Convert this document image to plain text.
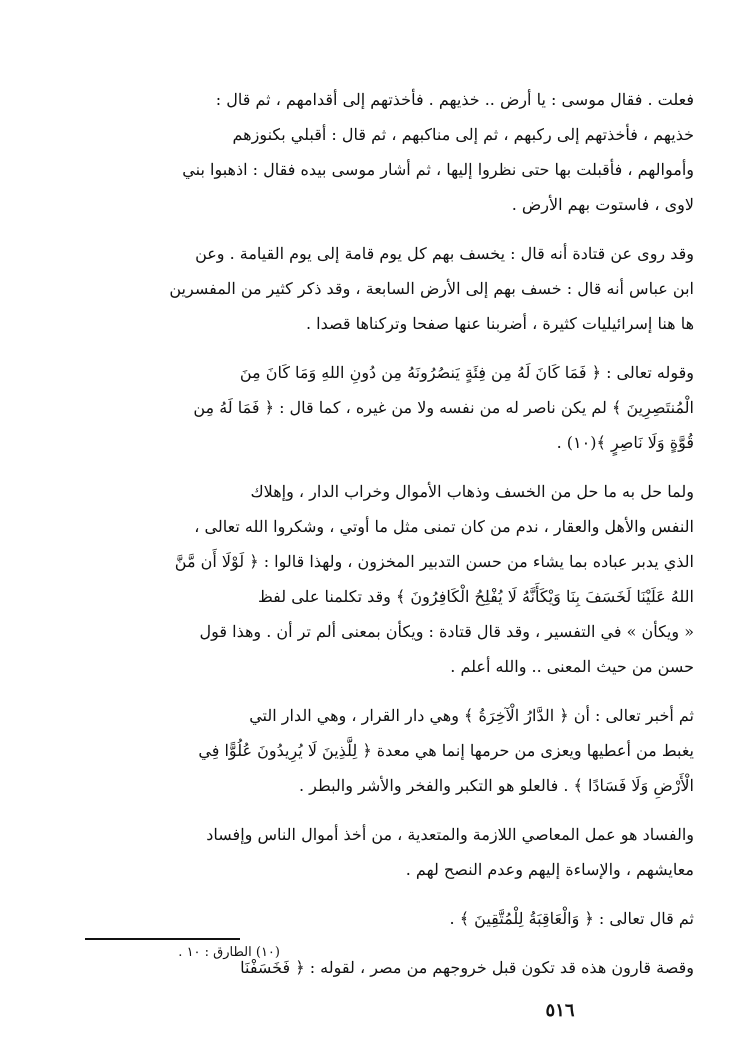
فعلت . فقال موسى : يا أرض .. خذيهم . فأخذتهم إلى أقدامهم ، ثم قال :
خذيهم ، فأخذتهم إلى ركبهم ، ثم إلى مناكبهم ، ثم قال : أقبلي بكنوزهم
وأموالهم ، فأقبلت بها حتى نظروا إليها ، ثم أشار موسى بيده فقال : اذهبوا بني
لاوى ، فاستوت بهم الأرض .

وقد روى عن قتادة أنه قال : يخسف بهم كل يوم قامة إلى يوم القيامة . وعن
ابن عباس أنه قال : خسف بهم إلى الأرض السابعة ، وقد ذكر كثير من المفسرين
ها هنا إسرائيليات كثيرة ، أضربنا عنها صفحا وتركناها قصدا .

وقوله تعالى : ﴿ فَمَا كَانَ لَهُ مِن فِئَةٍ يَنصُرُونَهُ مِن دُونِ اللهِ وَمَا كَانَ مِنَ
الْمُنتَصِرِينَ ﴾ لم يكن ناصر له من نفسه ولا من غيره ، كما قال : ﴿ فَمَا لَهُ مِن
قُوَّةٍ وَلَا نَاصِرٍ ﴾(١٠) .

ولما حل به ما حل من الخسف وذهاب الأموال وخراب الدار ، وإهلاك
النفس والأهل والعقار ، ندم من كان تمنى مثل ما أوتي ، وشكروا الله تعالى ،
الذي يدبر عباده بما يشاء من حسن التدبير المخزون ، ولهذا قالوا : ﴿ لَوْلَا أَن مَّنَّ
اللهُ عَلَيْنَا لَخَسَفَ بِنَا وَيْكَأَنَّهُ لَا يُفْلِحُ الْكَافِرُونَ ﴾ وقد تكلمنا على لفظ
« ويكأن » في التفسير ، وقد قال قتادة : ويكأن بمعنى ألم تر أن . وهذا قول
حسن من حيث المعنى .. والله أعلم .

ثم أخبر تعالى : أن ﴿ الدَّارُ الْآخِرَةُ ﴾ وهي دار القرار ، وهي الدار التي
يغبط من أعطيها ويعزى من حرمها إنما هي معدة ﴿ لِلَّذِينَ لَا يُرِيدُونَ عُلُوًّا فِي
الْأَرْضِ وَلَا فَسَادًا ﴾ . فالعلو هو التكبر والفخر والأشر والبطر .

والفساد هو عمل المعاصي اللازمة والمتعدية ، من أخذ أموال الناس وإفساد
معايشهم ، والإساءة إليهم وعدم النصح لهم .

ثم قال تعالى : ﴿ وَالْعَاقِبَةُ لِلْمُتَّقِينَ ﴾ .

وقصة قارون هذه قد تكون قبل خروجهم من مصر ، لقوله : ﴿ فَخَسَفْنَا

(١٠) الطارق : ١٠ .
٥١٦
